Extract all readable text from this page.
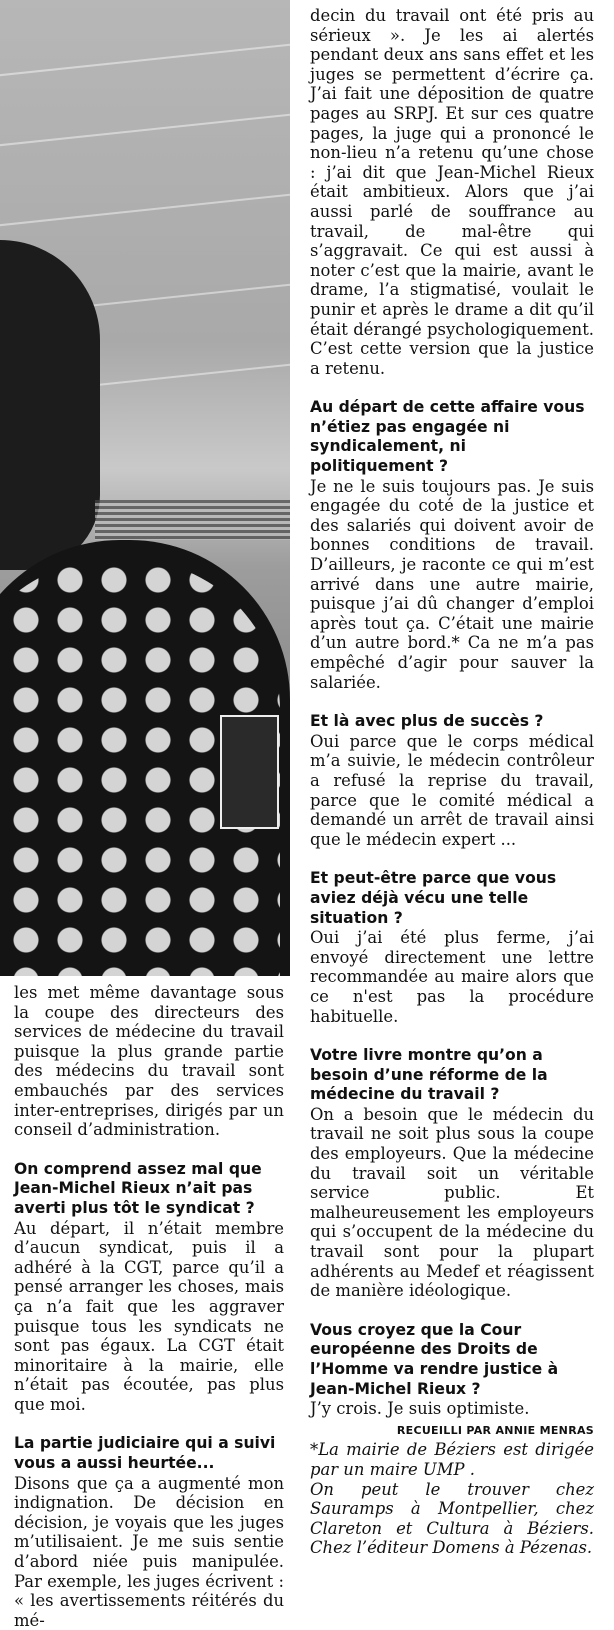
les met même davantage sous la coupe des directeurs des services de médecine du travail puisque la plus grande partie des médecins du travail sont embauchés par des services inter-entreprises, dirigés par un conseil d’administration.

On comprend assez mal que Jean-Michel Rieux n’ait pas averti plus tôt le syndicat ?

Au départ, il n’était membre d’aucun syndicat, puis il a adhéré à la CGT, parce qu’il a pensé arranger les choses, mais ça n’a fait que les aggraver puisque tous les syndicats ne sont pas égaux. La CGT était minoritaire à la mairie, elle n’était pas écoutée, pas plus que moi.

La partie judiciaire qui a suivi vous a aussi heurtée...

Disons que ça a augmenté mon indignation. De décision en décision, je voyais que les juges m’utilisaient. Je me suis sentie d’abord niée puis manipulée. Par exemple, les juges écrivent : « les avertissements réitérés du mé-

decin du travail ont été pris au sérieux ». Je les ai alertés pendant deux ans sans effet et les juges se permettent d’écrire ça. J’ai fait une déposition de quatre pages au SRPJ. Et sur ces quatre pages, la juge qui a prononcé le non-lieu n’a retenu qu’une chose : j’ai dit que Jean-Michel Rieux était ambitieux. Alors que j’ai aussi parlé de souffrance au travail, de mal-être qui s’aggravait. Ce qui est aussi à noter c’est que la mairie, avant le drame, l’a stigmatisé, voulait le punir et après le drame a dit qu’il était dérangé psychologiquement. C’est cette version que la justice a retenu.

Au départ de cette affaire vous n’étiez pas engagée ni syndicalement, ni politiquement ?

Je ne le suis toujours pas. Je suis engagée du coté de la justice et des salariés qui doivent avoir de bonnes conditions de travail. D’ailleurs, je raconte ce qui m’est arrivé dans une autre mairie, puisque j’ai dû changer d’emploi après tout ça. C’était une mairie d’un autre bord.* Ca ne m’a pas empêché d’agir pour sauver la salariée.

Et là avec plus de succès ?

Oui parce que le corps médical m’a suivie, le médecin contrôleur a refusé la reprise du travail, parce que le comité médical a demandé un arrêt de travail ainsi que le médecin expert ...

Et peut-être parce que vous aviez déjà vécu une telle situation ?

Oui j’ai été plus ferme, j’ai envoyé directement une lettre recommandée au maire alors que ce n'est pas la procédure habituelle.

Votre livre montre qu’on a besoin d’une réforme de la médecine du travail ?

On a besoin que le médecin du travail ne soit plus sous la coupe des employeurs. Que la médecine du travail soit un véritable service public. Et malheureusement les employeurs qui s’occupent de la médecine du travail sont pour la plupart adhérents au Medef et réagissent de manière idéologique.

Vous croyez que la Cour européenne des Droits de l’Homme va rendre justice à Jean-Michel Rieux ?

J’y crois. Je suis optimiste.

RECUEILLI PAR ANNIE MENRAS

*La mairie de Béziers est dirigée par un maire UMP .

On peut le trouver chez Sauramps à Montpellier, chez Clareton et Cultura à Béziers. Chez l’éditeur Domens à Pézenas.
